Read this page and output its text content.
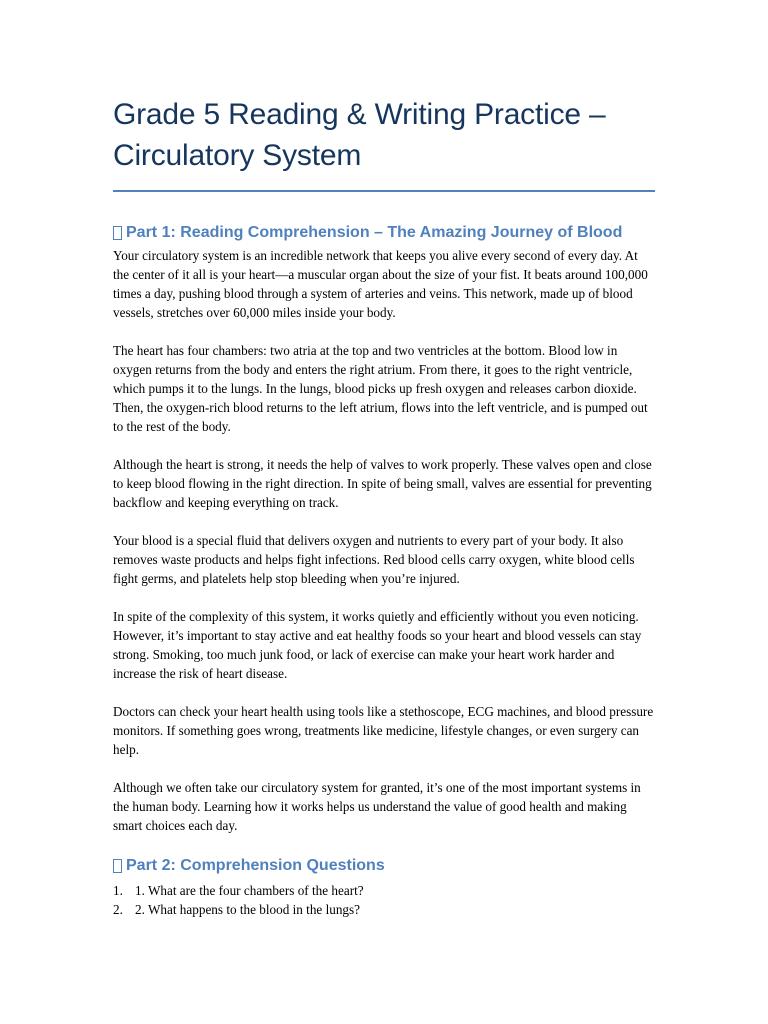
Grade 5 Reading & Writing Practice – Circulatory System
Part 1: Reading Comprehension – The Amazing Journey of Blood

Your circulatory system is an incredible network that keeps you alive every second of every day. At the center of it all is your heart—a muscular organ about the size of your fist. It beats around 100,000 times a day, pushing blood through a system of arteries and veins. This network, made up of blood vessels, stretches over 60,000 miles inside your body.

The heart has four chambers: two atria at the top and two ventricles at the bottom. Blood low in oxygen returns from the body and enters the right atrium. From there, it goes to the right ventricle, which pumps it to the lungs. In the lungs, blood picks up fresh oxygen and releases carbon dioxide. Then, the oxygen-rich blood returns to the left atrium, flows into the left ventricle, and is pumped out to the rest of the body.

Although the heart is strong, it needs the help of valves to work properly. These valves open and close to keep blood flowing in the right direction. In spite of being small, valves are essential for preventing backflow and keeping everything on track.

Your blood is a special fluid that delivers oxygen and nutrients to every part of your body. It also removes waste products and helps fight infections. Red blood cells carry oxygen, white blood cells fight germs, and platelets help stop bleeding when you’re injured.

In spite of the complexity of this system, it works quietly and efficiently without you even noticing. However, it’s important to stay active and eat healthy foods so your heart and blood vessels can stay strong. Smoking, too much junk food, or lack of exercise can make your heart work harder and increase the risk of heart disease.

Doctors can check your heart health using tools like a stethoscope, ECG machines, and blood pressure monitors. If something goes wrong, treatments like medicine, lifestyle changes, or even surgery can help.

Although we often take our circulatory system for granted, it’s one of the most important systems in the human body. Learning how it works helps us understand the value of good health and making smart choices each day.

Part 2: Comprehension Questions
1. 1. What are the four chambers of the heart?
2. 2. What happens to the blood in the lungs?
